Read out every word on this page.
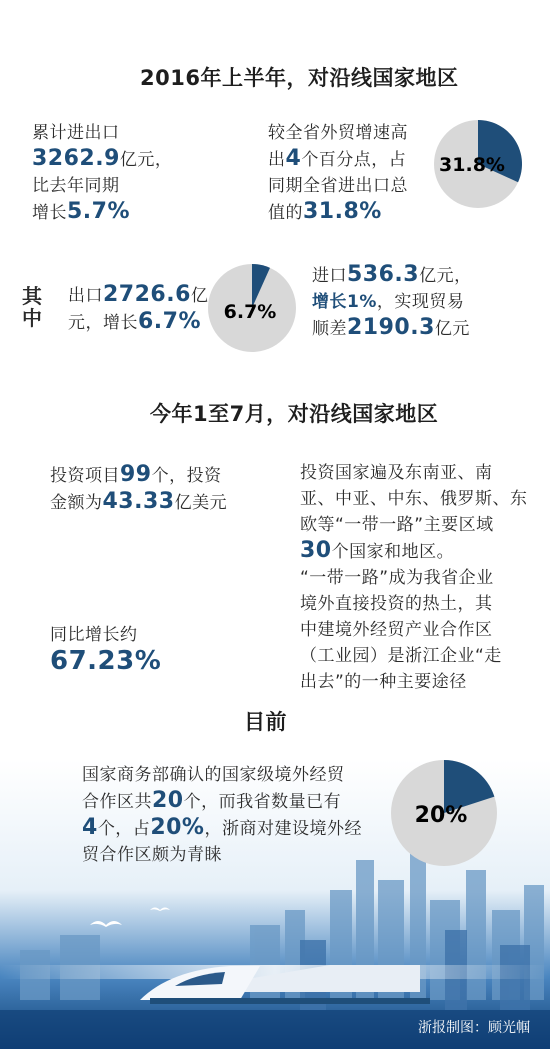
2016年上半年，对沿线国家地区
累计进出口
3262.9亿元，
比去年同期
增长5.7%
较全省外贸增速高
出4个百分点，占
同期全省进出口总
值的31.8%
31.8%
其中
出口2726.6亿
元，增长6.7%	6.7%
进口536.3亿元，
增长1%，实现贸易
顺差2190.3亿元
今年1至7月，对沿线国家地区
投资项目99个，投资
金额为43.33亿美元
同比增长约
67.23%
投资国家遍及东南亚、南
亚、中亚、中东、俄罗斯、东
欧等“一带一路”主要区域
30个国家和地区。
“一带一路”成为我省企业
境外直接投资的热土，其
中建境外经贸产业合作区
（工业园）是浙江企业“走
出去”的一种主要途径
目前
国家商务部确认的国家级境外经贸
合作区共20个，而我省数量已有
4个，占20%，浙商对建设境外经
贸合作区颇为青睐
20%
浙报制图：顾光帼
